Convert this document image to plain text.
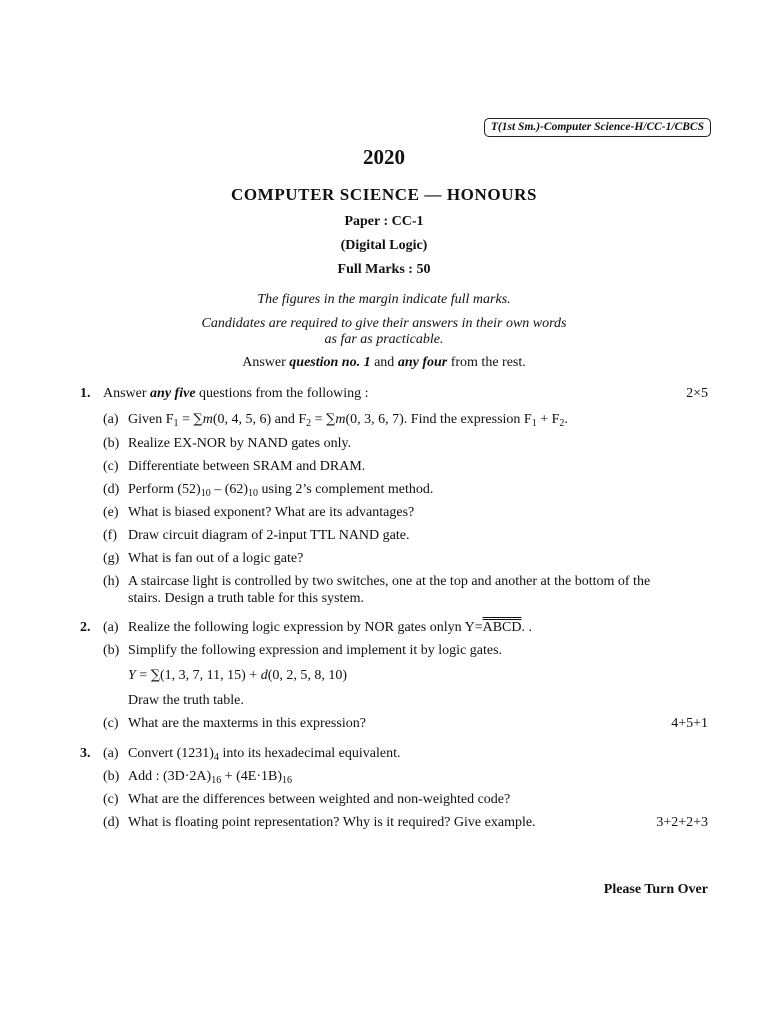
T(1st Sm.)-Computer Science-H/CC-1/CBCS
2020
COMPUTER SCIENCE — HONOURS
Paper : CC-1
(Digital Logic)
Full Marks : 50
The figures in the margin indicate full marks.
Candidates are required to give their answers in their own words
as far as practicable.
Answer question no. 1 and any four from the rest.
1. Answer any five questions from the following :	2×5
(a) Given $F_1 = \sum m(0$, 4, 5, 6) and $F_2 = \sum m(0$, 3, 6, 7). Find the expression $F_1 + F_2$.
(b) Realize EX-NOR by NAND gates only.
(c) Differentiate between SRAM and DRAM.
(d) Perform $(52)_{10} - (62)_{10}$ using 2’s complement method.
(e) What is biased exponent? What are its advantages?
(f) Draw circuit diagram of 2-input TTL NAND gate.
(g) What is fan out of a logic gate?
(h) A staircase light is controlled by two switches, one at the top and another at the bottom of the
stairs. Design a truth table for this system.
2. (a) Realize the following logic expression by NOR gates onlyn Y=ABCD. .
(b) Simplify the following expression and implement it by logic gates.
Y = ∑(1, 3, 7, 11, 15) + d(0, 2, 5, 8, 10)
Draw the truth table.
(c) What are the maxterms in this expression?	4+5+1
3. (a) Convert $(1231)_4$ into its hexadecimal equivalent.
(b) Add : $(3D\cdot 2A)_{16} + (4E\cdot 1B)_{16}$
(c) What are the differences between weighted and non-weighted code?
(d) What is floating point representation? Why is it required? Give example.	3+2+2+3
Please Turn Over
